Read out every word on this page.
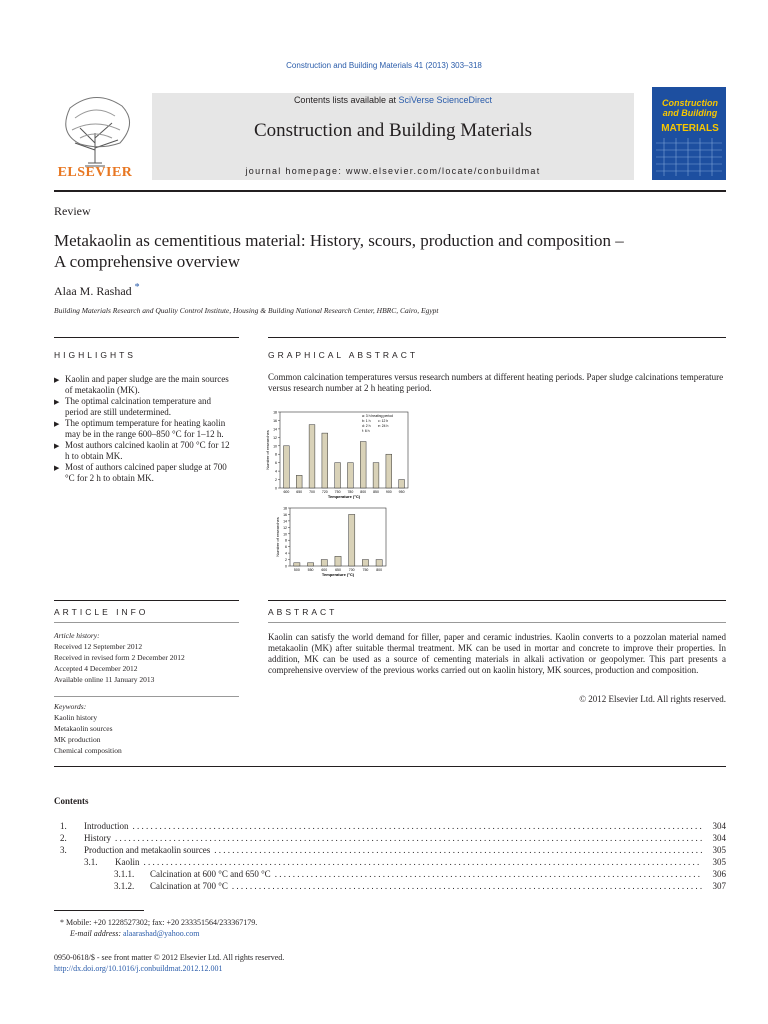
Construction and Building Materials 41 (2013) 303–318
ELSEVIER
Contents lists available at SciVerse ScienceDirect
Construction and Building Materials
journal homepage: www.elsevier.com/locate/conbuildmat
Construction
and Building
MATERIALS
Review
Metakaolin as cementitious material: History, scours, production and composition –
A comprehensive overview
Alaa M. Rashad *
Building Materials Research and Quality Control Institute, Housing & Building National Research Center, HBRC, Cairo, Egypt
HIGHLIGHTS
▶ Kaolin and paper sludge are the main sources of metakaolin (MK).
▶ The optimal calcination temperature and period are still undetermined.
▶ The optimum temperature for heating kaolin may be in the range 600–850 °C for 1–12 h.
▶ Most authors calcined kaolin at 700 °C for 12 h to obtain MK.
▶ Most of authors calcined paper sludge at 700 °C for 2 h to obtain MK.
GRAPHICAL ABSTRACT
Common calcination temperatures versus research numbers at different heating periods. Paper sludge calcinations temperature versus research number at 2 h heating period.
0
2
4
6
8
10
12
14
16
18
600 650 700 720 750 780 800 850 900 950
Temperature (°C)
Number of researches
a: 3 h heating period
b: 1 h c: 12 h
d: 2 h e: 24 h
f: 6 h
0
2
4
6
8
10
12
14
16
18
500 550 600 650 700 750 800
Temperature (°C)
Number of researches
ARTICLE INFO
Article history:
Received 12 September 2012
Received in revised form 2 December 2012
Accepted 4 December 2012
Available online 11 January 2013
Keywords:
Kaolin history
Metakaolin sources
MK production
Chemical composition
ABSTRACT
Kaolin can satisfy the world demand for filler, paper and ceramic industries. Kaolin converts to a pozzolan material named metakaolin (MK) after suitable thermal treatment. MK can be used in mortar and concrete to improve their properties. In addition, MK can be used as a source of cementing materials in alkali activation or geopolymer. This part presents a comprehensive overview of the previous works carried out on kaolin history, MK sources, production and composition.
© 2012 Elsevier Ltd. All rights reserved.
Contents
1.	Introduction . . .	304
2.	History . . .	304
3.	Production and metakaolin sources . . .	305
3.1.	Kaolin . . .	305
3.1.1.	Calcination at 600 °C and 650 °C . . .	306
3.1.2.	Calcination at 700 °C . . .	307
* Mobile: +20 1228527302; fax: +20 233351564/233367179.
E-mail address: alaarashad@yahoo.com
0950-0618/$ - see front matter © 2012 Elsevier Ltd. All rights reserved.
http://dx.doi.org/10.1016/j.conbuildmat.2012.12.001
